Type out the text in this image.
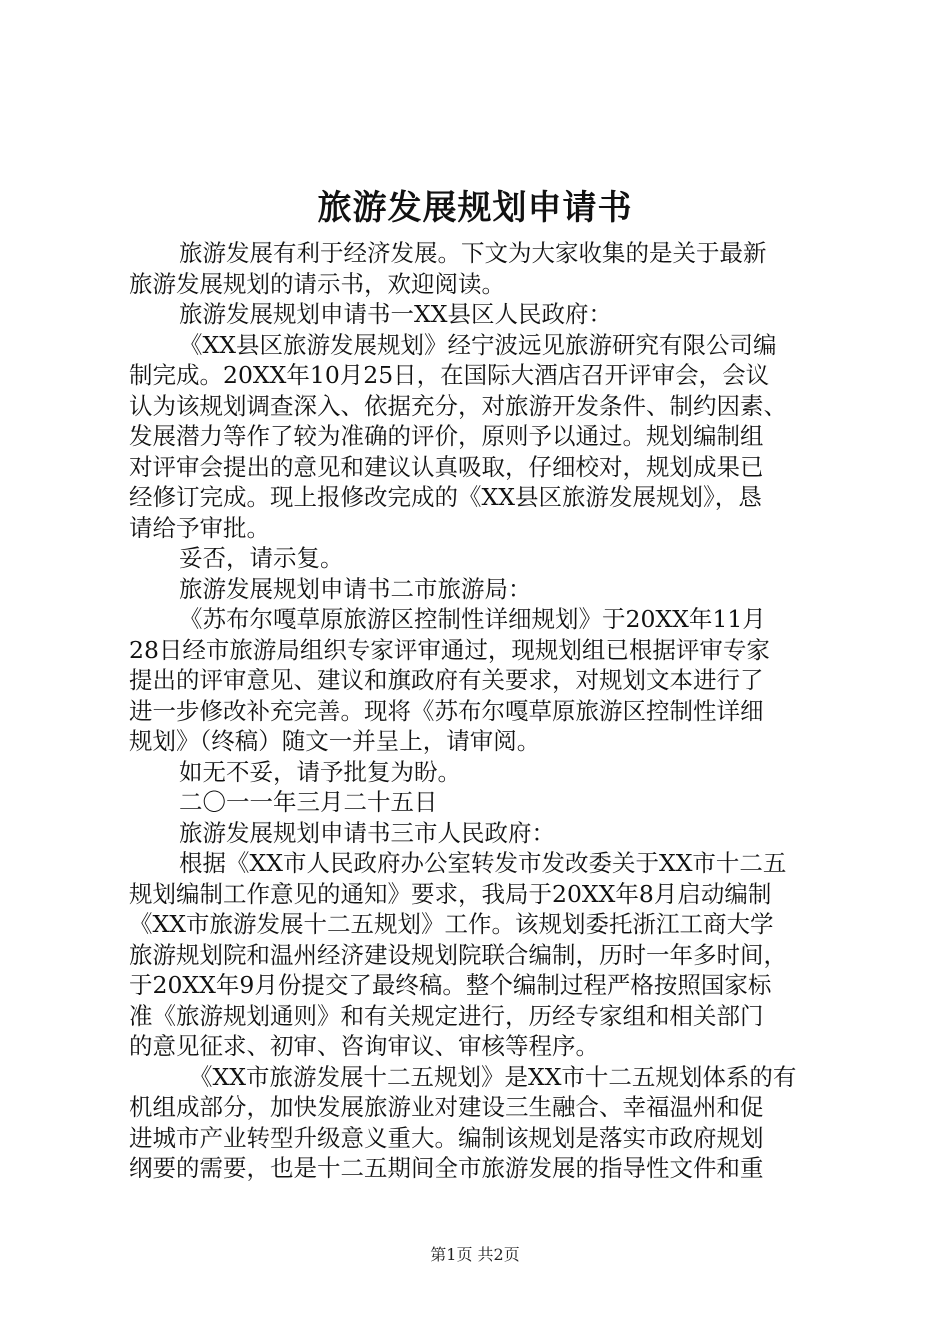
旅游发展规划申请书
旅游发展有利于经济发展。下文为大家收集的是关于最新
旅游发展规划的请示书，欢迎阅读。
旅游发展规划申请书一XX县区人民政府：
《XX县区旅游发展规划》经宁波远见旅游研究有限公司编
制完成。20XX年10月25日，在国际大酒店召开评审会，会议
认为该规划调查深入、依据充分，对旅游开发条件、制约因素、
发展潜力等作了较为准确的评价，原则予以通过。规划编制组
对评审会提出的意见和建议认真吸取，仔细校对，规划成果已
经修订完成。现上报修改完成的《XX县区旅游发展规划》，恳
请给予审批。
妥否，请示复。
旅游发展规划申请书二市旅游局：
《苏布尔嘎草原旅游区控制性详细规划》于20XX年11月
28日经市旅游局组织专家评审通过，现规划组已根据评审专家
提出的评审意见、建议和旗政府有关要求，对规划文本进行了
进一步修改补充完善。现将《苏布尔嘎草原旅游区控制性详细
规划》（终稿）随文一并呈上，请审阅。
如无不妥，请予批复为盼。
二〇一一年三月二十五日
旅游发展规划申请书三市人民政府：
根据《XX市人民政府办公室转发市发改委关于XX市十二五
规划编制工作意见的通知》要求，我局于20XX年8月启动编制
《XX市旅游发展十二五规划》工作。该规划委托浙江工商大学
旅游规划院和温州经济建设规划院联合编制，历时一年多时间，
于20XX年9月份提交了最终稿。整个编制过程严格按照国家标
准《旅游规划通则》和有关规定进行，历经专家组和相关部门
的意见征求、初审、咨询审议、审核等程序。
《XX市旅游发展十二五规划》是XX市十二五规划体系的有
机组成部分，加快发展旅游业对建设三生融合、幸福温州和促
进城市产业转型升级意义重大。编制该规划是落实市政府规划
纲要的需要，也是十二五期间全市旅游发展的指导性文件和重
第1页 共2页
